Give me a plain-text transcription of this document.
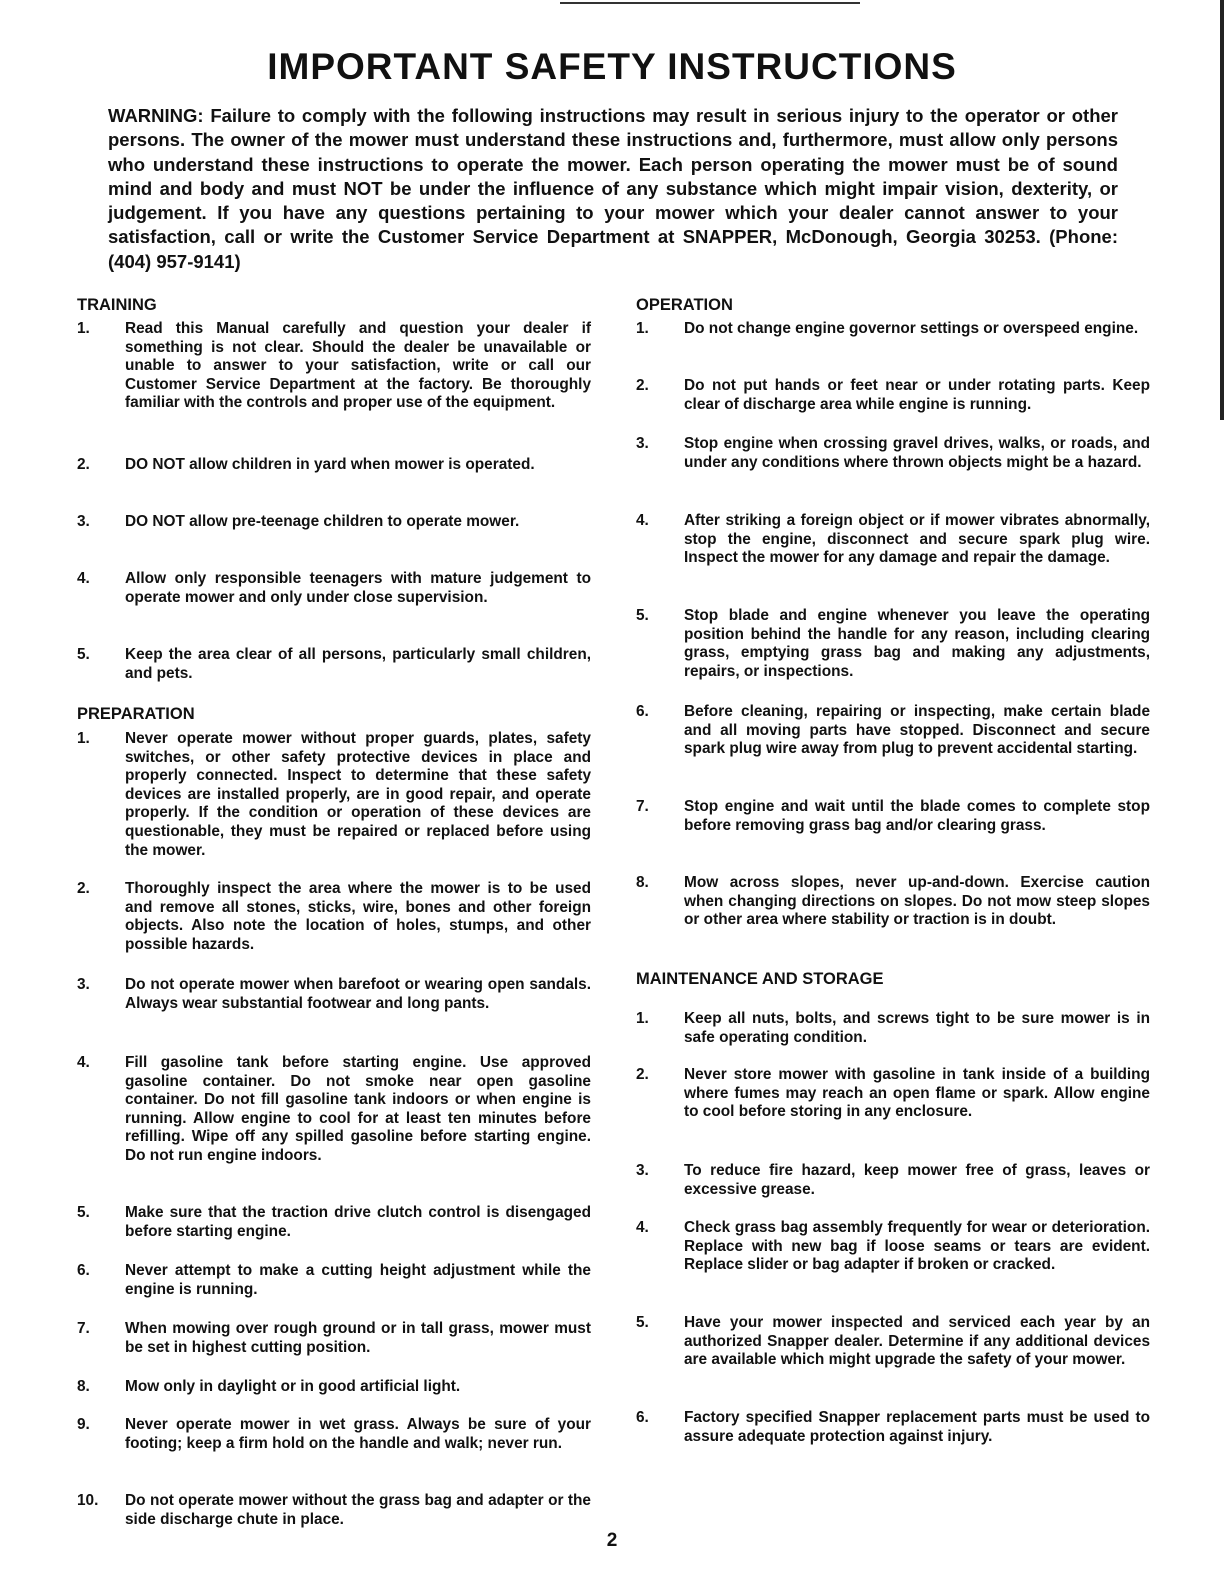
IMPORTANT SAFETY INSTRUCTIONS

WARNING: Failure to comply with the following instructions may result in serious injury to the operator or other persons. The owner of the mower must understand these instructions and, furthermore, must allow only persons who understand these instructions to operate the mower. Each person operating the mower must be of sound mind and body and must NOT be under the influence of any substance which might impair vision, dexterity, or judgement. If you have any questions pertaining to your mower which your dealer cannot answer to your satisfaction, call or write the Customer Service Department at SNAPPER, McDonough, Georgia 30253. (Phone: (404) 957-9141)

TRAINING
1.	Read this Manual carefully and question your dealer if something is not clear. Should the dealer be unavailable or unable to answer to your satisfaction, write or call our Customer Service Department at the factory. Be thoroughly familiar with the controls and proper use of the equipment.
2.	DO NOT allow children in yard when mower is operated.
3.	DO NOT allow pre-teenage children to operate mower.
4.	Allow only responsible teenagers with mature judgement to operate mower and only under close supervision.
5.	Keep the area clear of all persons, particularly small children, and pets.
PREPARATION
1.	Never operate mower without proper guards, plates, safety switches, or other safety protective devices in place and properly connected. Inspect to determine that these safety devices are installed properly, are in good repair, and operate properly. If the condition or operation of these devices are questionable, they must be repaired or replaced before using the mower.
2.	Thoroughly inspect the area where the mower is to be used and remove all stones, sticks, wire, bones and other foreign objects. Also note the location of holes, stumps, and other possible hazards.
3.	Do not operate mower when barefoot or wearing open sandals. Always wear substantial footwear and long pants.
4.	Fill gasoline tank before starting engine. Use approved gasoline container. Do not smoke near open gasoline container. Do not fill gasoline tank indoors or when engine is running. Allow engine to cool for at least ten minutes before refilling. Wipe off any spilled gasoline before starting engine. Do not run engine indoors.
5.	Make sure that the traction drive clutch control is disengaged before starting engine.
6.	Never attempt to make a cutting height adjustment while the engine is running.
7.	When mowing over rough ground or in tall grass, mower must be set in highest cutting position.
8.	Mow only in daylight or in good artificial light.
9.	Never operate mower in wet grass. Always be sure of your footing; keep a firm hold on the handle and walk; never run.
10.	Do not operate mower without the grass bag and adapter or the side discharge chute in place.
OPERATION
1.	Do not change engine governor settings or overspeed engine.
2.	Do not put hands or feet near or under rotating parts. Keep clear of discharge area while engine is running.
3.	Stop engine when crossing gravel drives, walks, or roads, and under any conditions where thrown objects might be a hazard.
4.	After striking a foreign object or if mower vibrates abnormally, stop the engine, disconnect and secure spark plug wire. Inspect the mower for any damage and repair the damage.
5.	Stop blade and engine whenever you leave the operating position behind the handle for any reason, including clearing grass, emptying grass bag and making any adjustments, repairs, or inspections.
6.	Before cleaning, repairing or inspecting, make certain blade and all moving parts have stopped. Disconnect and secure spark plug wire away from plug to prevent accidental starting.
7.	Stop engine and wait until the blade comes to complete stop before removing grass bag and/or clearing grass.
8.	Mow across slopes, never up-and-down. Exercise caution when changing directions on slopes. Do not mow steep slopes or other area where stability or traction is in doubt.
MAINTENANCE AND STORAGE
1.	Keep all nuts, bolts, and screws tight to be sure mower is in safe operating condition.
2.	Never store mower with gasoline in tank inside of a building where fumes may reach an open flame or spark. Allow engine to cool before storing in any enclosure.
3.	To reduce fire hazard, keep mower free of grass, leaves or excessive grease.
4.	Check grass bag assembly frequently for wear or deterioration. Replace with new bag if loose seams or tears are evident. Replace slider or bag adapter if broken or cracked.
5.	Have your mower inspected and serviced each year by an authorized Snapper dealer. Determine if any additional devices are available which might upgrade the safety of your mower.
6.	Factory specified Snapper replacement parts must be used to assure adequate protection against injury.
2
